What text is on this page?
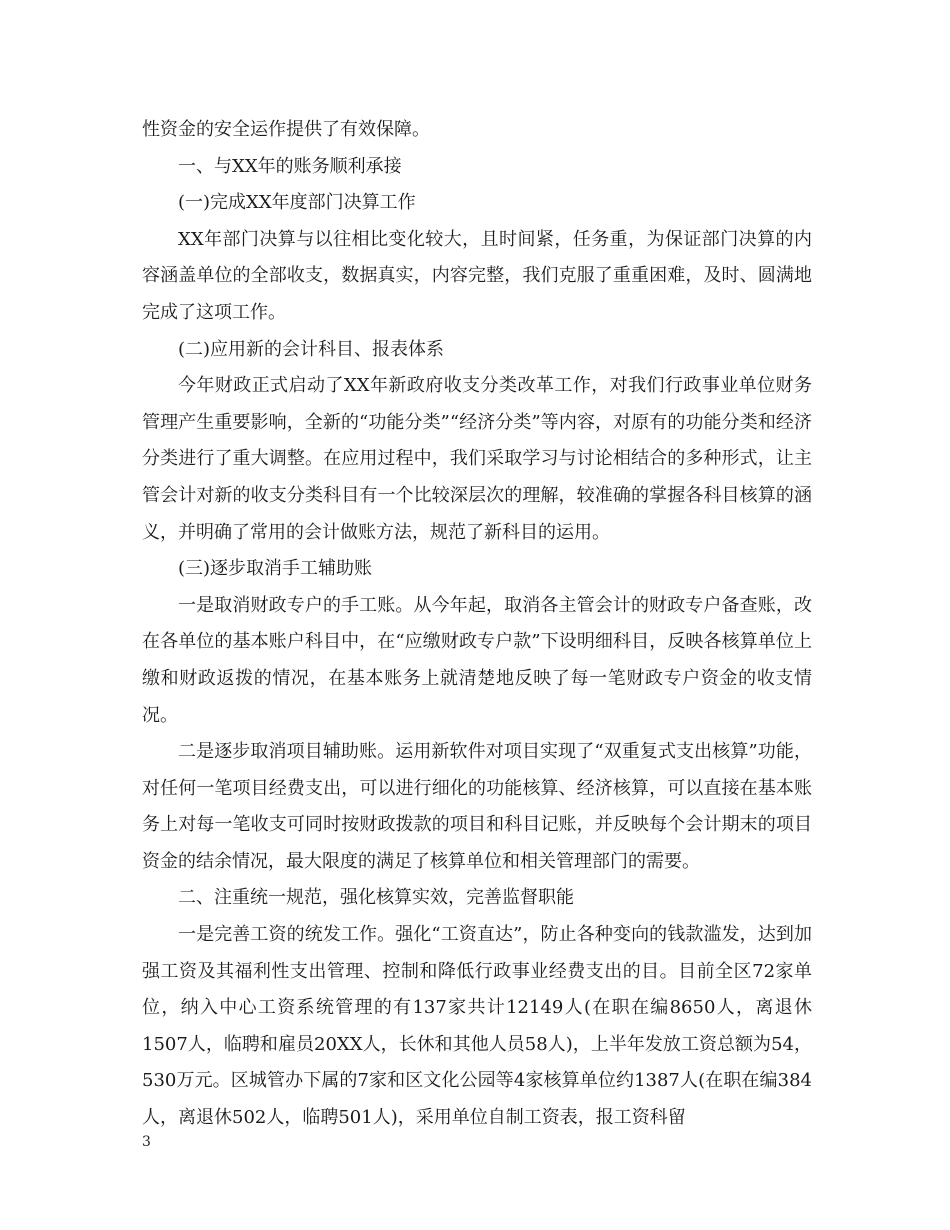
性资金的安全运作提供了有效保障。

一、与XX年的账务顺利承接

(一)完成XX年度部门决算工作

XX年部门决算与以往相比变化较大，且时间紧，任务重，为保证部门决算的内容涵盖单位的全部收支，数据真实，内容完整，我们克服了重重困难，及时、圆满地完成了这项工作。

(二)应用新的会计科目、报表体系

今年财政正式启动了XX年新政府收支分类改革工作，对我们行政事业单位财务管理产生重要影响，全新的“功能分类”“经济分类”等内容，对原有的功能分类和经济分类进行了重大调整。在应用过程中，我们采取学习与讨论相结合的多种形式，让主管会计对新的收支分类科目有一个比较深层次的理解，较准确的掌握各科目核算的涵义，并明确了常用的会计做账方法，规范了新科目的运用。

(三)逐步取消手工辅助账

一是取消财政专户的手工账。从今年起，取消各主管会计的财政专户备查账，改在各单位的基本账户科目中，在“应缴财政专户款”下设明细科目，反映各核算单位上缴和财政返拨的情况，在基本账务上就清楚地反映了每一笔财政专户资金的收支情况。

二是逐步取消项目辅助账。运用新软件对项目实现了“双重复式支出核算”功能，对任何一笔项目经费支出，可以进行细化的功能核算、经济核算，可以直接在基本账务上对每一笔收支可同时按财政拨款的项目和科目记账，并反映每个会计期末的项目资金的结余情况，最大限度的满足了核算单位和相关管理部门的需要。

二、注重统一规范，强化核算实效，完善监督职能

一是完善工资的统发工作。强化“工资直达”，防止各种变向的钱款滥发，达到加强工资及其福利性支出管理、控制和降低行政事业经费支出的目。目前全区72家单位，纳入中心工资系统管理的有137家共计12149人(在职在编8650人，离退休1507人，临聘和雇员20XX人，长休和其他人员58人)，上半年发放工资总额为54，530万元。区城管办下属的7家和区文化公园等4家核算单位约1387人(在职在编384人，离退休502人，临聘501人)，采用单位自制工资表，报工资科留

3
